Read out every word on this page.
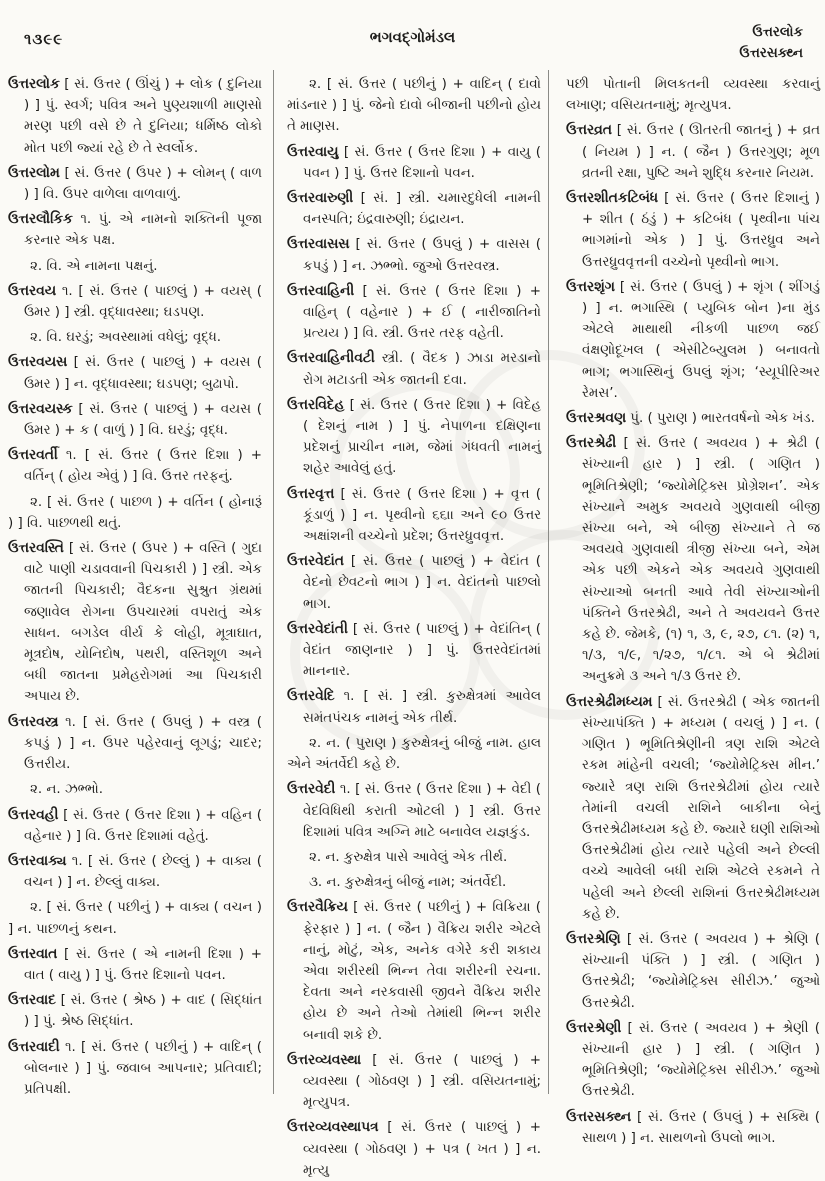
૧૩૯૯	ભગવદ્ગોમંડલ	ઉત્તરલોક
ઉત્તરસક્થ્ન

ઉત્તરલોક [ સં. ઉત્તર ( ઊંચું ) + લોક ( દુનિયા ) ] પું. સ્વર્ગ; પવિત્ર અને પુણ્યશાળી માણસો મરણ પછી વસે છે તે દુનિયા; ધર્મિષ્ઠ લોકો મોત પછી જ્યાં રહે છે તે સ્વર્લોક.

ઉત્તરલોમ [ સં. ઉત્તર ( ઉપર ) + લોમન્ ( વાળ ) ] વિ. ઉપર વાળેલા વાળવાળું.

ઉત્તરલૌકિક ૧. પું. એ નામનો શક્તિની પૂજા કરનાર એક પક્ષ.

૨. વિ. એ નામના પક્ષનું.

ઉત્તરવય ૧. [ સં. ઉત્તર ( પાછલું ) + વયસ્ ( ઉમર ) ] સ્ત્રી. વૃદ્ધાવસ્થા; ઘડપણ.

૨. વિ. ઘરડું; અવસ્થામાં વધેલું; વૃદ્ધ.

ઉત્તરવયસ [ સં. ઉત્તર ( પાછલું ) + વયસ ( ઉમર ) ] ન. વૃદ્ધાવસ્થા; ઘડપણ; બુઢાપો.

ઉત્તરવયસ્ક [ સં. ઉત્તર ( પાછલું ) + વયસ ( ઉમર ) + ક ( વાળું ) ] વિ. ઘરડું; વૃદ્ધ.

ઉત્તરવર્તી ૧. [ સં. ઉત્તર ( ઉત્તર દિશા ) + વર્તિન્ ( હોય એવું ) ] વિ. ઉત્તર તરફનું.

૨. [ સં. ઉત્તર ( પાછળ ) + વર્તિન ( હોનારૂં ) ] વિ. પાછળથી થતું.

ઉત્તરવસ્તિ [ સં. ઉત્તર ( ઉપર ) + વસ્તિ ( ગુદા વાટે પાણી ચડાવવાની પિચકારી ) ] સ્ત્રી. એક જાતની પિચકારી; વૈદકના સુશ્રુત ગ્રંથમાં જણાવેલ રોગના ઉપચારમાં વપરાતું એક સાધન. બગડેલ વીર્ય કે લોહી, મૂત્રાઘાત, મૂત્રદોષ, યોનિદોષ, પથરી, વસ્તિશૂળ અને બધી જાતના પ્રમેહરોગમાં આ પિચકારી અપાય છે.

ઉત્તરવસ્ત્ર ૧. [ સં. ઉત્તર ( ઉપલું ) + વસ્ત્ર ( કપડું ) ] ન. ઉપર પહેરવાનું લૂગડું; ચાદર; ઉત્તરીય.

૨. ન. ઝભ્ભો.

ઉત્તરવહી [ સં. ઉત્તર ( ઉત્તર દિશા ) + વહિન ( વહેનાર ) ] વિ. ઉત્તર દિશામાં વહેતું.

ઉત્તરવાક્ય ૧. [ સં. ઉત્તર ( છેલ્લું ) + વાક્ય ( વચન ) ] ન. છેલ્લું વાક્ય.

૨. [ સં. ઉત્તર ( પછીનું ) + વાક્ય ( વચન ) ] ન. પાછળનું કથન.

ઉત્તરવાત [ સં. ઉત્તર ( એ નામની દિશા ) + વાત ( વાયુ ) ] પું. ઉત્તર દિશાનો પવન.

ઉત્તરવાદ [ સં. ઉત્તર ( શ્રેષ્ઠ ) + વાદ ( સિદ્ધાંત ) ] પું. શ્રેષ્ઠ સિદ્ધાંત.

ઉત્તરવાદી ૧. [ સં. ઉત્તર ( પછીનું ) + વાદિન્ ( બોલનાર ) ] પું. જવાબ આપનાર; પ્રતિવાદી; પ્રતિપક્ષી.

૨. [ સં. ઉત્તર ( પછીનું ) + વાદિન્ ( દાવો માંડનાર ) ] પું. જેનો દાવો બીજાની પછીનો હોય તે માણસ.

ઉત્તરવાયુ [ સં. ઉત્તર ( ઉત્તર દિશા ) + વાયુ ( પવન ) ] પું. ઉત્તર દિશાનો પવન.

ઉત્તરવારુણી [ સં. ] સ્ત્રી. ચમારદુધેલી નામની વનસ્પતિ; ઇંદ્રવારુણી; ઇંદ્રાયન.

ઉત્તરવાસસ [ સં. ઉત્તર ( ઉપલું ) + વાસસ ( કપડું ) ] ન. ઝભ્ભો. જુઓ ઉત્તરવસ્ત્ર.

ઉત્તરવાહિની [ સં. ઉત્તર ( ઉત્તર દિશા ) + વાહિન્ ( વહેનાર ) + ઈ ( નારીજાતિનો પ્રત્યય ) ] વિ. સ્ત્રી. ઉત્તર તરફ વહેતી.

ઉત્તરવાહિનીવટી સ્ત્રી. ( વૈદક ) ઝાડા મરડાનો રોગ મટાડતી એક જાતની દવા.

ઉત્તરવિદેહ [ સં. ઉત્તર ( ઉત્તર દિશા ) + વિદેહ ( દેશનું નામ ) ] પું. નેપાળના દક્ષિણના પ્રદેશનું પ્રાચીન નામ, જેમાં ગંધવતી નામનું શહેર આવેલું હતું.

ઉત્તરવૃત્ત [ સં. ઉત્તર ( ઉત્તર દિશા ) + વૃત્ત ( કૂંડાળું ) ] ન. પૃથ્વીનો ૬૬ાા અને ૯૦ ઉત્તર અક્ષાંશની વચ્ચેનો પ્રદેશ; ઉત્તરધ્રુવવૃત્ત.

ઉત્તરવેદાંત [ સં. ઉત્તર ( પાછલું ) + વેદાંત ( વેદનો છેવટનો ભાગ ) ] ન. વેદાંતનો પાછલો ભાગ.

ઉત્તરવેદાંતી [ સં. ઉત્તર ( પાછલું ) + વેદાંતિન્ ( વેદાંત જાણનાર ) ] પું. ઉત્તરવેદાંતમાં માનનાર.

ઉત્તરવેદિ ૧. [ સં. ] સ્ત્રી. કુરુક્ષેત્રમાં આવેલ સમંતપંચક નામનું એક તીર્થ.

૨. ન. ( પુરાણ ) કુરુક્ષેત્રનું બીજું નામ. હાલ એને અંતર્વેદી કહે છે.

ઉત્તરવેદી ૧. [ સં. ઉત્તર ( ઉત્તર દિશા ) + વેદી ( વેદવિધિથી કરાતી ઓટલી ) ] સ્ત્રી. ઉત્તર દિશામાં પવિત્ર અગ્નિ માટે બનાવેલ યજ્ઞકુંડ.

૨. ન. કુરુક્ષેત્ર પાસે આવેલું એક તીર્થ.

૩. ન. કુરુક્ષેત્રનું બીજું નામ; અંતર્વેદી.

ઉત્તરવૈક્રિય [ સં. ઉત્તર ( પછીનું ) + વિક્રિયા ( ફેરફાર ) ] ન. ( જૈન ) વૈક્રિય શરીર એટલે નાનું, મોટું, એક, અનેક વગેરે કરી શકાય એવા શરીરથી ભિન્ન તેવા શરીરની રચના. દેવતા અને નરકવાસી જીવને વૈક્રિય શરીર હોય છે અને તેઓ તેમાંથી ભિન્ન શરીર બનાવી શકે છે.

ઉત્તરવ્યવસ્થા [ સં. ઉત્તર ( પાછલું ) + વ્યવસ્થા ( ગોઠવણ ) ] સ્ત્રી. વસિયતનામું; મૃત્યુપત્ર.

ઉત્તરવ્યવસ્થાપત્ર [ સં. ઉત્તર ( પાછલું ) + વ્યવસ્થા ( ગોઠવણ ) + પત્ર ( ખત ) ] ન. મૃત્યુ

પછી પોતાની મિલકતની વ્યવસ્થા કરવાનું લખાણ; વસિયતનામું; મૃત્યુપત્ર.

ઉત્તરવ્રત [ સં. ઉત્તર ( ઊતરતી જાતનું ) + વ્રત ( નિયમ ) ] ન. ( જૈન ) ઉત્તરગુણ; મૂળ વ્રતની રક્ષા, પુષ્ટિ અને શુદ્ધિ કરનાર નિયમ.

ઉત્તરશીતકટિબંધ [ સં. ઉત્તર ( ઉત્તર દિશાનું ) + શીત ( ઠંડું ) + કટિબંધ ( પૃથ્વીના પાંચ ભાગમાંનો એક ) ] પું. ઉત્તરધ્રુવ અને ઉત્તરધ્રુવવૃત્તની વચ્ચેનો પૃથ્વીનો ભાગ.

ઉત્તરશૃંગ [ સં. ઉત્તર ( ઉપલું ) + શૃંગ ( શીંગડું ) ] ન. ભગાસ્થિ ( પ્યુબિક બોન )ના મુંડ એટલે માથાથી નીકળી પાછળ જઈ વંક્ષણોદૂખલ ( એસીટેબ્યુલમ ) બનાવતો ભાગ; ભગાસ્થિનું ઉપલું શૃંગ; ‘સ્યૂપીરિઅર રેમસ’.

ઉત્તરશ્રવણ પું. ( પુરાણ ) ભારતવર્ષનો એક ખંડ.

ઉત્તરશ્રેઢી [ સં. ઉત્તર ( અવયવ ) + શ્રેઢી ( સંખ્યાની હાર ) ] સ્ત્રી. ( ગણિત ) ભૂમિતિશ્રેણી; ‘જ્યોમેટ્રિક્સ પ્રોગ્રેશન’. એક સંખ્યાને અમુક અવયવે ગુણવાથી બીજી સંખ્યા બને, એ બીજી સંખ્યાને તે જ અવયવે ગુણવાથી ત્રીજી સંખ્યા બને, એમ એક પછી એકને એક અવયવે ગુણવાથી સંખ્યાઓ બનતી આવે તેવી સંખ્યાઓની પંક્તિને ઉત્તરશ્રેઢી, અને તે અવયવને ઉત્તર કહે છે. જેમકે, (૧) ૧, ૩, ૯, ૨૭, ૮૧. (૨) ૧, ૧/૩, ૧/૯, ૧/૨૭, ૧/૮૧. એ બે શ્રેઢીમાં અનુક્રમે ૩ અને ૧/૩ ઉત્તર છે.

ઉત્તરશ્રેઢીમધ્યમ [ સં. ઉત્તરશ્રેઢી ( એક જાતની સંખ્યાપંક્તિ ) + મધ્યમ ( વચલું ) ] ન. ( ગણિત ) ભૂમિતિશ્રેણીની ત્રણ રાશિ એટલે રકમ માંહેની વચલી; ‘જ્યોમેટ્રિક્સ મીન.’ જ્યારે ત્રણ રાશિ ઉત્તરશ્રેઢીમાં હોય ત્યારે તેમાંની વચલી રાશિને બાકીના બેનું ઉત્તરશ્રેઢીમધ્યમ કહે છે. જ્યારે ઘણી રાશિઓ ઉત્તરશ્રેઢીમાં હોય ત્યારે પહેલી અને છેલ્લી વચ્ચે આવેલી બધી રાશિ એટલે રકમને તે પહેલી અને છેલ્લી રાશિનાં ઉત્તરશ્રેઢીમધ્યમ કહે છે.

ઉત્તરશ્રેણિ [ સં. ઉત્તર ( અવયવ ) + શ્રેણિ ( સંખ્યાની પંક્તિ ) ] સ્ત્રી. ( ગણિત ) ઉત્તરશ્રેઢી; ‘જ્યોમેટ્રિક્સ સીરીઝ.’ જુઓ ઉત્તરશ્રેઢી.

ઉત્તરશ્રેણી [ સં. ઉત્તર ( અવયવ ) + શ્રેણી ( સંખ્યાની હાર ) ] સ્ત્રી. ( ગણિત ) ભૂમિતિશ્રેણી; ‘જ્યોમેટ્રિક્સ સીરીઝ.’ જુઓ ઉત્તરશ્રેઢી.

ઉત્તરસક્થ્ન [ સં. ઉત્તર ( ઉપલું ) + સક્થિ ( સાથળ ) ] ન. સાથળનો ઉપલો ભાગ.
